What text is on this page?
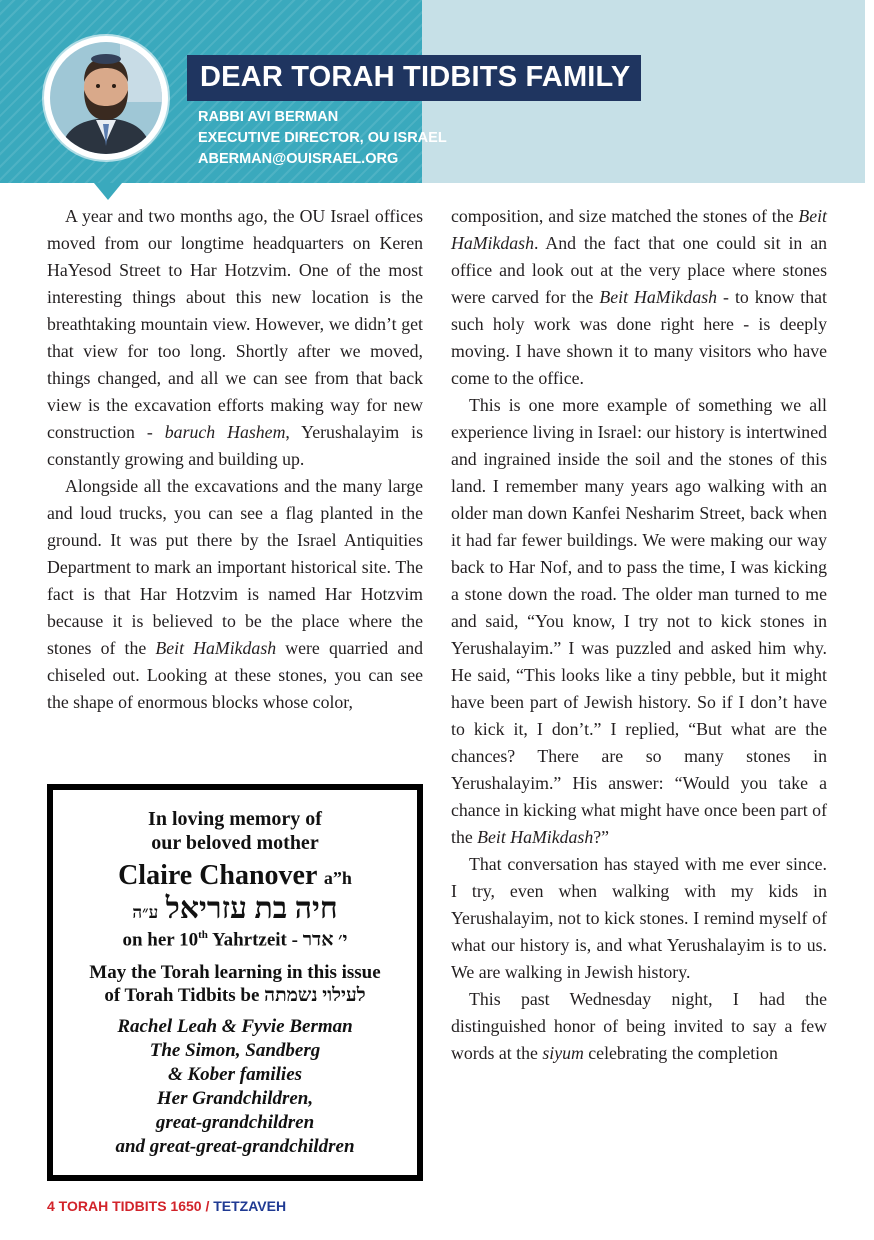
DEAR TORAH TIDBITS FAMILY
RABBI AVI BERMAN
EXECUTIVE DIRECTOR, OU ISRAEL
ABERMAN@OUISRAEL.ORG

A year and two months ago, the OU Israel offices moved from our longtime headquarters on Keren HaYesod Street to Har Hotzvim. One of the most interesting things about this new location is the breathtaking mountain view. However, we didn’t get that view for too long. Shortly after we moved, things changed, and all we can see from that back view is the excavation efforts making way for new construction - baruch Hashem, Yerushalayim is constantly growing and building up.

Alongside all the excavations and the many large and loud trucks, you can see a flag planted in the ground. It was put there by the Israel Antiquities Department to mark an important historical site. The fact is that Har Hotzvim is named Har Hotzvim because it is believed to be the place where the stones of the Beit HaMikdash were quarried and chiseled out. Looking at these stones, you can see the shape of enormous blocks whose color,

In loving memory of
our beloved mother
Claire Chanover a”h
חיה בת עזריאל ע״ה
on her 10th Yahrtzeit - י׳ אדר
May the Torah learning in this issue
of Torah Tidbits be לעילוי נשמתה
Rachel Leah & Fyvie Berman
The Simon, Sandberg
& Kober families
Her Grandchildren,
great-grandchildren
and great-great-grandchildren

composition, and size matched the stones of the Beit HaMikdash. And the fact that one could sit in an office and look out at the very place where stones were carved for the Beit HaMikdash - to know that such holy work was done right here - is deeply moving. I have shown it to many visitors who have come to the office.

This is one more example of something we all experience living in Israel: our history is intertwined and ingrained inside the soil and the stones of this land. I remember many years ago walking with an older man down Kanfei Nesharim Street, back when it had far fewer buildings. We were making our way back to Har Nof, and to pass the time, I was kicking a stone down the road. The older man turned to me and said, “You know, I try not to kick stones in Yerushalayim.” I was puzzled and asked him why. He said, “This looks like a tiny pebble, but it might have been part of Jewish history. So if I don’t have to kick it, I don’t.” I replied, “But what are the chances? There are so many stones in Yerushalayim.” His answer: “Would you take a chance in kicking what might have once been part of the Beit HaMikdash?”

That conversation has stayed with me ever since. I try, even when walking with my kids in Yerushalayim, not to kick stones. I remind myself of what our history is, and what Yerushalayim is to us. We are walking in Jewish history.

This past Wednesday night, I had the distinguished honor of being invited to say a few words at the siyum celebrating the completion

4 TORAH TIDBITS 1650 / TETZAVEH
